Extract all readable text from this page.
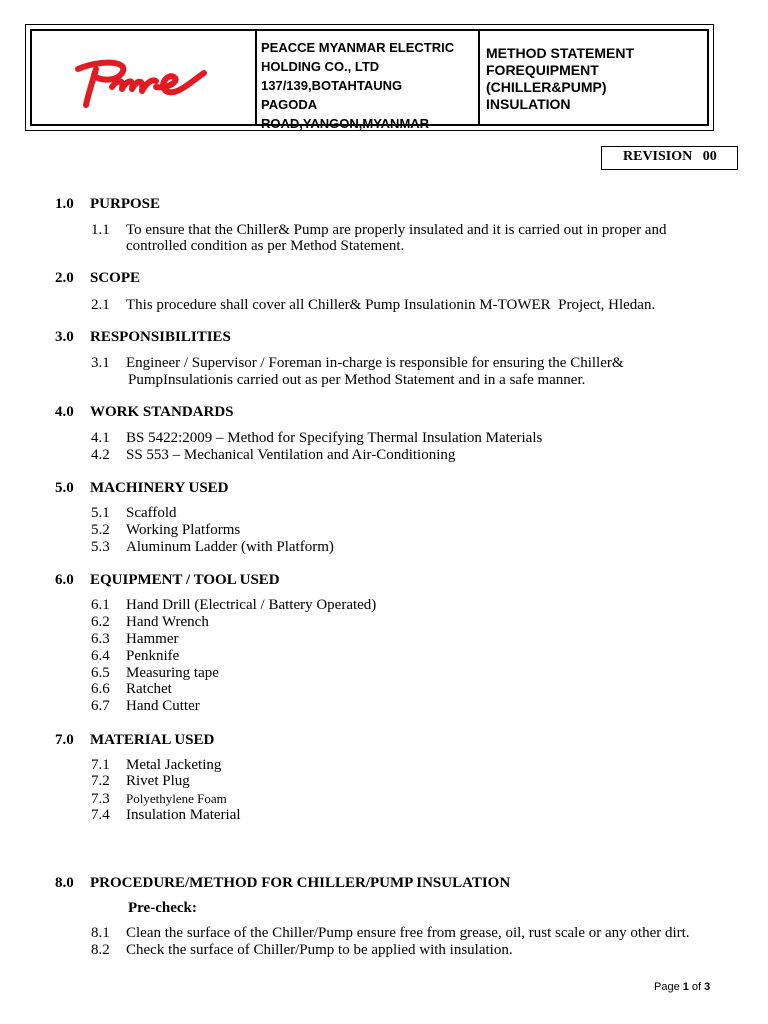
PEACCE MYANMAR ELECTRIC
HOLDING CO., LTD
137/139,BOTAHTAUNG
PAGODA
ROAD,YANGON,MYANMAR
METHOD STATEMENT
FOREQUIPMENT
(CHILLER&PUMP)
INSULATION
REVISION   00
1.0 PURPOSE
1.1 To ensure that the Chiller& Pump are properly insulated and it is carried out in proper and
controlled condition as per Method Statement.
2.0 SCOPE
2.1 This procedure shall cover all Chiller& Pump Insulationin M-TOWER  Project, Hledan.
3.0 RESPONSIBILITIES
3.1 Engineer / Supervisor / Foreman in-charge is responsible for ensuring the Chiller&
PumpInsulationis carried out as per Method Statement and in a safe manner.
4.0 WORK STANDARDS
4.1 BS 5422:2009 – Method for Specifying Thermal Insulation Materials
4.2 SS 553 – Mechanical Ventilation and Air-Conditioning
5.0 MACHINERY USED
5.1 Scaffold
5.2 Working Platforms
5.3 Aluminum Ladder (with Platform)
6.0 EQUIPMENT / TOOL USED
6.1 Hand Drill (Electrical / Battery Operated)
6.2 Hand Wrench
6.3 Hammer
6.4 Penknife
6.5 Measuring tape
6.6 Ratchet
6.7 Hand Cutter
7.0 MATERIAL USED
7.1 Metal Jacketing
7.2 Rivet Plug
7.3 Polyethylene Foam
7.4 Insulation Material
8.0 PROCEDURE/METHOD FOR CHILLER/PUMP INSULATION
Pre-check:
8.1 Clean the surface of the Chiller/Pump ensure free from grease, oil, rust scale or any other dirt.
8.2 Check the surface of Chiller/Pump to be applied with insulation.
Page 1 of 3
